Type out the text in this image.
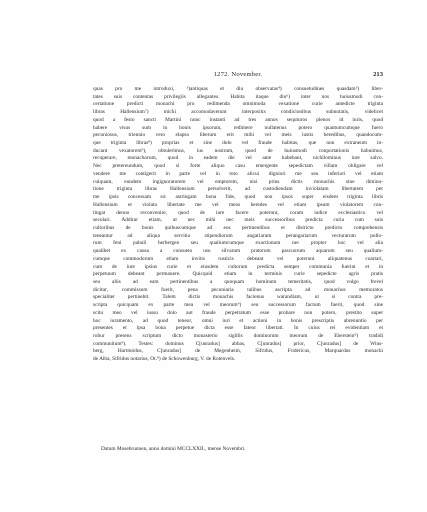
1272. November.	213
quas pro me introduxi, ³)antiquas et diu observatas⁴) consuetudines quasdam⁵) liber-
tates suis contentas privilegiis allegantes. Habita itaque diu⁶) inter nos huiusmodi con-
certatione predicti monachi pro redimenda omnimoda vexatione curie antedicte triginta
libras Hallensium⁷) michi accomodaverunt interpositis condicionibus subnotatis, videlicet
quod a festo sancti Martini nunc instanti ad tres annos sequturos plenos id iuris, quod
habere visus sum in bonis ipsorum, redimere nullatenus potero quantumcumque fuero
pecuniosus, triennio vero elapso liberum erit mihi vel meis iustis heredibus, quandocum-
que triginta libras⁸) proprias et sine dolo vel fraude habitas, que non extraneum in-
ducant vexatorem⁹), obtulerimus, ius nostrum, quod de huiusmodi conportationis habuimus,
recuperare, monachorum, quod in eadem die vel ante habebant, nichilominus iure salvo.
Nec pretereundum, quod si forte aliquo casu emergente sepedictam villam obligare vel
vendere me contigerit in parte vel in toto alicui digniori me seu inferiori vel etiam
cuiquam, eundem ingignoratorem vel emptorem, nisi prius dictis monachis sine diminu-
tione triginta libras Hallensium persolverit, ad custodiendam inviolatam libertatem per
me ipsis concessam sic astringam bona fide, quod non ipsos super eisdem triginta libris
Hallensium et violata libertate me vel meos heredes vel etiam ipsum violatorem con-
tingat denuo reconvenire, quod de iure facere poterunt, coram iudice ecclesiastico vel
seculari. Additur etiam, ut nec mihi nec meis successoribus predicta curia cum suis
cultoribus de bonis quibuscumque ad eos pertinentibus et districto predicto comprehensis
teneantur ad aliqua servitia stipendiorum angariarum perangariarum vecturarum pullo-
rum feni pabuli herbergen seu qualiumcumque exactionum nec propter hoc vel alia
qualibet ex causa a consueto usu silvarum pratorum pascuorum aquarum seu qualium-
cumque commodorum etiam invitis rusticis debeant vel poterunt aliquatenus coartari,
cum de iure ipsius curie et eiusdem cultorum predicta semper communia fuerint et in
perpetuum debeant permanere. Quicquid etiam in terminis curie sepedicte agris pratis
seu aliis ad eam pertinentibus a quoquam hominum temeritatis, quod vulgo frevel
dicitur, commissum fuerit, pena pecuniaria talibus ascripta ad monachos memoratos
specialiter pertinebit. Talem dictis monachis facienus warandiam, ut si contra pre-
scripta quicquam ex parte mea vel meorum⁹) seu successorum factum fuerit, quod sine
scitu meo vel iussu dolo aut fraude perpetratum esse probare non potero, prestito super
hoc iuramento, ad quod teneor, omni iuri et actioni in bonis prescriptis abrenuntio per
presentes et ipsa bona perpetue dicta esse fateor libertati. In cuius rei evidentiam et
robur presens scriptum dicto monasterio sigillis dominorum meorum de Eberstein⁹) tradidi
communitum⁹). Testes: dominus C[unradus] abbas, C[unradus] prior, C[unradus] de Wins-
berg, Hartmódus, C[unradus] de Megenheim, Sifridus, Fridericus, Marquardus monachi
de Alba, Sifridus notarius, Ot.⁹) de Schowenburg, V. de Rotenvels.
Datum Mosebrunnen, anno domini MCCLXXII., mense Novembri.
